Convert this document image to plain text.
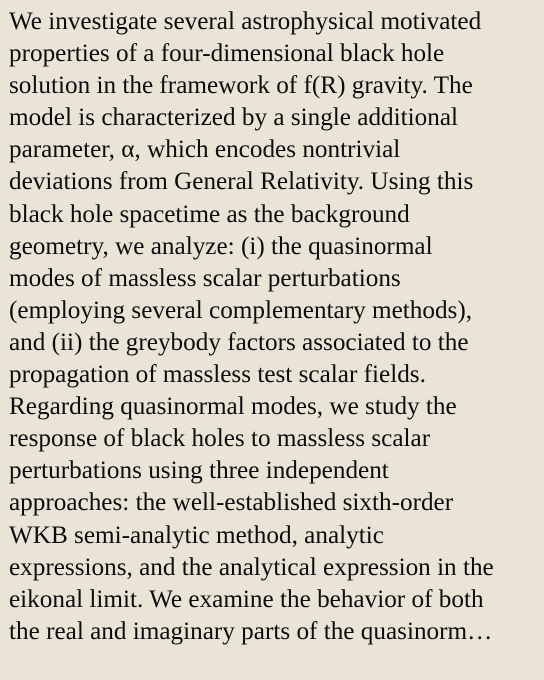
We investigate several astrophysical motivated
properties of a four-dimensional black hole
solution in the framework of f(R) gravity. The
model is characterized by a single additional
parameter, α, which encodes nontrivial
deviations from General Relativity. Using this
black hole spacetime as the background
geometry, we analyze: (i) the quasinormal
modes of massless scalar perturbations
(employing several complementary methods),
and (ii) the greybody factors associated to the
propagation of massless test scalar fields.
Regarding quasinormal modes, we study the
response of black holes to massless scalar
perturbations using three independent
approaches: the well-established sixth-order
WKB semi-analytic method, analytic
expressions, and the analytical expression in the
eikonal limit. We examine the behavior of both
the real and imaginary parts of the quasinorm…
